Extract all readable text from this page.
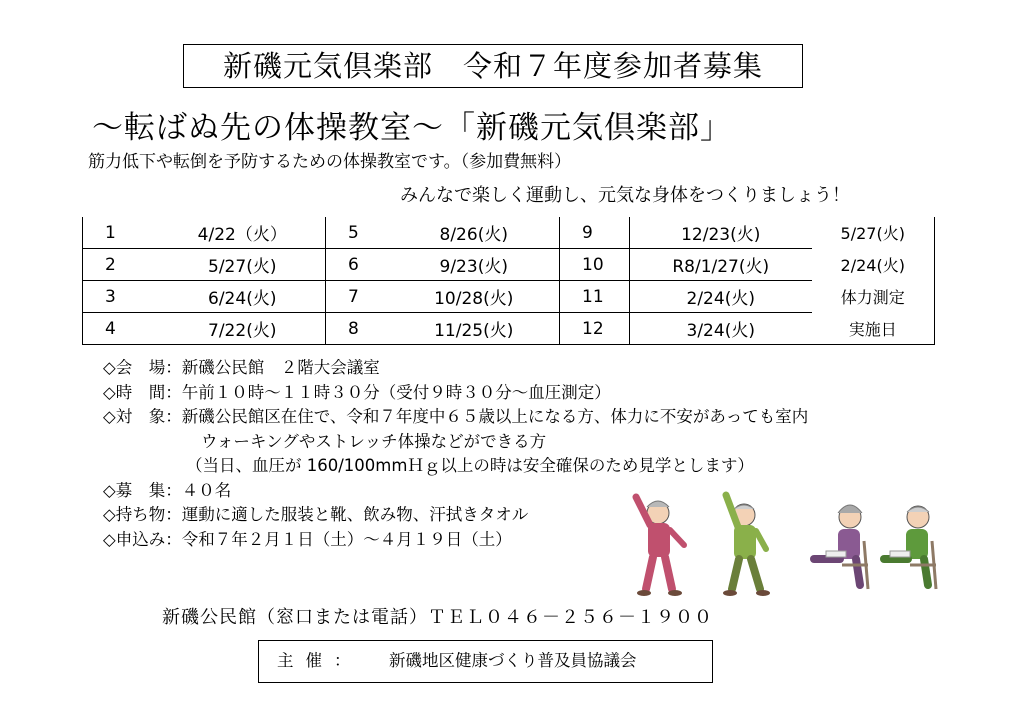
新磯元気倶楽部　令和７年度参加者募集
～転ばぬ先の体操教室～「新磯元気倶楽部」
筋力低下や転倒を予防するための体操教室です。（参加費無料）
みんなで楽しく運動し、元気な身体をつくりましょう！
1	4/22（火）	5	8/26(火)	9	12/23(火)	5/27(火)
2	5/27(火)	6	9/23(火)	10	R8/1/27(火)	2/24(火)
3	6/24(火)	7	10/28(火)	11	2/24(火)	体力測定
4	7/22(火)	8	11/25(火)	12	3/24(火)	実施日
◇会　場：新磯公民館　２階大会議室
◇時　間：午前１０時～１１時３０分（受付９時３０分～血圧測定）
◇対　象：新磯公民館区在住で、令和７年度中６５歳以上になる方、体力に不安があっても室内
ウォーキングやストレッチ体操などができる方
（当日、血圧が 160/100mmＨｇ以上の時は安全確保のため見学とします）
◇募　集：４０名
◇持ち物：運動に適した服装と靴、飲み物、汗拭きタオル
◇申込み：令和７年２月１日（土）～４月１９日（土）
新磯公民館（窓口または電話）ＴＥＬ０４６－２５６－１９００
主催： 新磯地区健康づくり普及員協議会
